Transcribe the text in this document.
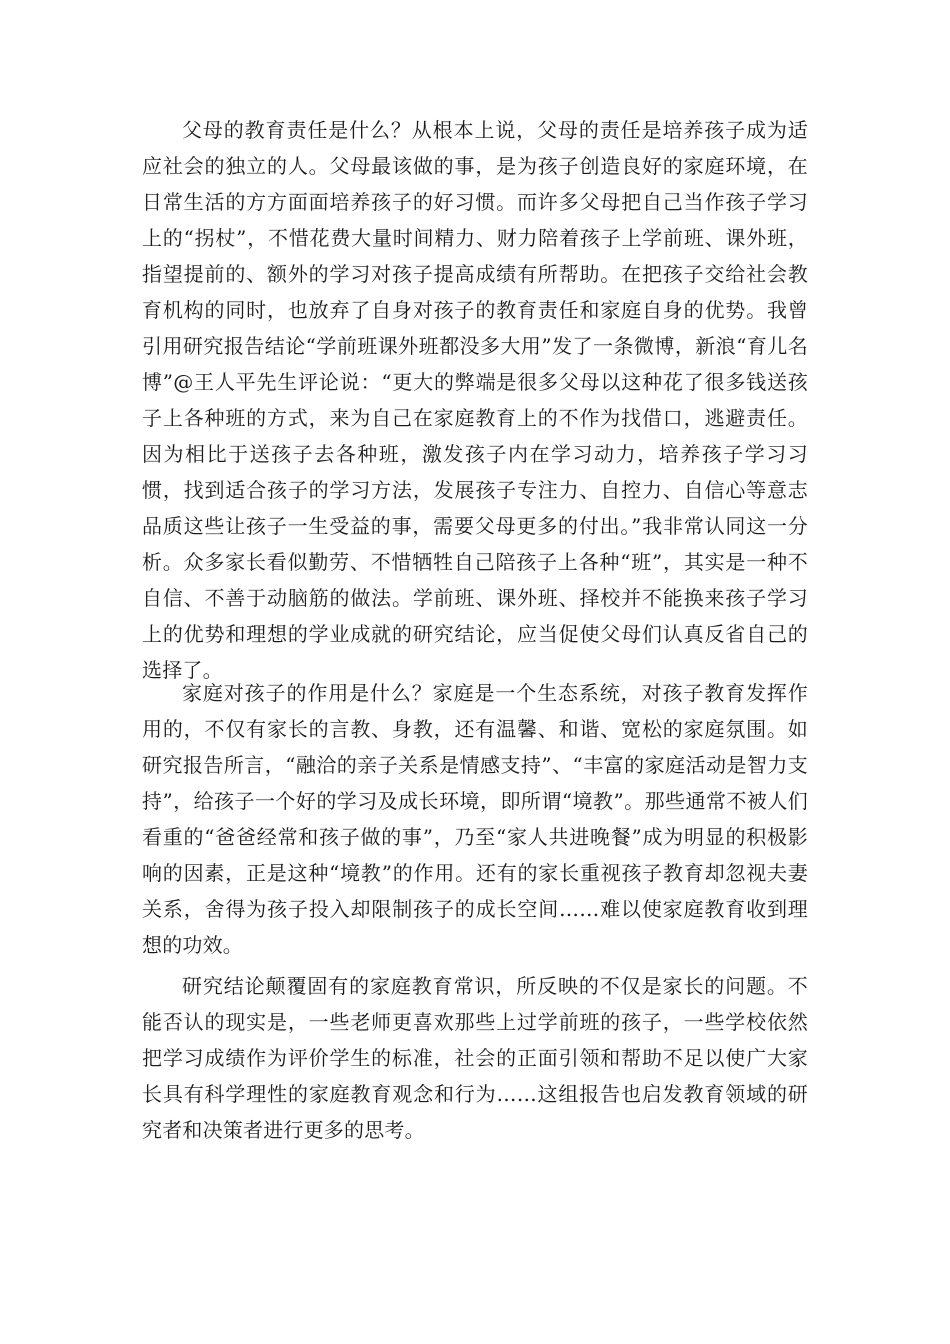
父母的教育责任是什么？从根本上说，父母的责任是培养孩子成为适应社会的独立的人。父母最该做的事，是为孩子创造良好的家庭环境，在日常生活的方方面面培养孩子的好习惯。而许多父母把自己当作孩子学习上的“拐杖”，不惜花费大量时间精力、财力陪着孩子上学前班、课外班，指望提前的、额外的学习对孩子提高成绩有所帮助。在把孩子交给社会教育机构的同时，也放弃了自身对孩子的教育责任和家庭自身的优势。我曾引用研究报告结论“学前班课外班都没多大用”发了一条微博，新浪“育儿名博”@王人平先生评论说：“更大的弊端是很多父母以这种花了很多钱送孩子上各种班的方式，来为自己在家庭教育上的不作为找借口，逃避责任。因为相比于送孩子去各种班，激发孩子内在学习动力，培养孩子学习习惯，找到适合孩子的学习方法，发展孩子专注力、自控力、自信心等意志品质这些让孩子一生受益的事，需要父母更多的付出。”我非常认同这一分析。众多家长看似勤劳、不惜牺牲自己陪孩子上各种“班”，其实是一种不自信、不善于动脑筋的做法。学前班、课外班、择校并不能换来孩子学习上的优势和理想的学业成就的研究结论，应当促使父母们认真反省自己的选择了。

家庭对孩子的作用是什么？家庭是一个生态系统，对孩子教育发挥作用的，不仅有家长的言教、身教，还有温馨、和谐、宽松的家庭氛围。如研究报告所言，“融洽的亲子关系是情感支持”、“丰富的家庭活动是智力支持”，给孩子一个好的学习及成长环境，即所谓“境教”。那些通常不被人们看重的“爸爸经常和孩子做的事”，乃至“家人共进晚餐”成为明显的积极影响的因素，正是这种“境教”的作用。还有的家长重视孩子教育却忽视夫妻关系，舍得为孩子投入却限制孩子的成长空间……难以使家庭教育收到理想的功效。

研究结论颠覆固有的家庭教育常识，所反映的不仅是家长的问题。不能否认的现实是，一些老师更喜欢那些上过学前班的孩子，一些学校依然把学习成绩作为评价学生的标准，社会的正面引领和帮助不足以使广大家长具有科学理性的家庭教育观念和行为……这组报告也启发教育领域的研究者和决策者进行更多的思考。
